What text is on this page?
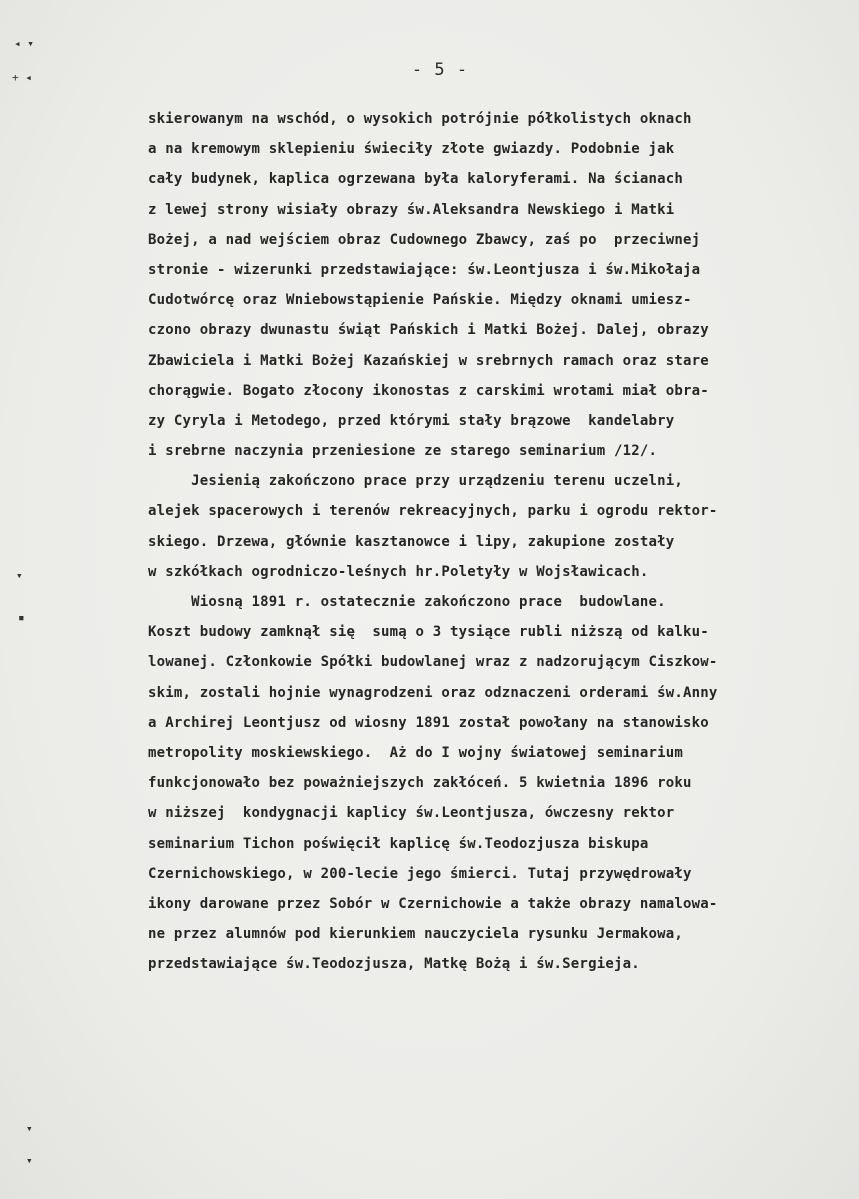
◂ ▾
+ ◂
▾
▪
▾
▾
- 5 -
skierowanym na wschód, o wysokich potrójnie półkolistych oknach
a na kremowym sklepieniu świeciły złote gwiazdy. Podobnie jak
cały budynek, kaplica ogrzewana była kaloryferami. Na ścianach
z lewej strony wisiały obrazy św.Aleksandra Newskiego i Matki
Bożej, a nad wejściem obraz Cudownego Zbawcy, zaś po  przeciwnej
stronie - wizerunki przedstawiające: św.Leontjusza i św.Mikołaja
Cudotwórcę oraz Wniebowstąpienie Pańskie. Między oknami umiesz-
czono obrazy dwunastu świąt Pańskich i Matki Bożej. Dalej, obrazy
Zbawiciela i Matki Bożej Kazańskiej w srebrnych ramach oraz stare
chorągwie. Bogato złocony ikonostas z carskimi wrotami miał obra-
zy Cyryla i Metodego, przed którymi stały brązowe  kandelabry
i srebrne naczynia przeniesione ze starego seminarium /12/.
Jesienią zakończono prace przy urządzeniu terenu uczelni,
alejek spacerowych i terenów rekreacyjnych, parku i ogrodu rektor-
skiego. Drzewa, głównie kasztanowce i lipy, zakupione zostały
w szkółkach ogrodniczo-leśnych hr.Poletyły w Wojsławicach.
Wiosną 1891 r. ostatecznie zakończono prace  budowlane.
Koszt budowy zamknął się  sumą o 3 tysiące rubli niższą od kalku-
lowanej. Członkowie Spółki budowlanej wraz z nadzorującym Ciszkow-
skim, zostali hojnie wynagrodzeni oraz odznaczeni orderami św.Anny
a Archirej Leontjusz od wiosny 1891 został powołany na stanowisko
metropolity moskiewskiego.  Aż do I wojny światowej seminarium
funkcjonowało bez poważniejszych zakłóceń. 5 kwietnia 1896 roku
w niższej  kondygnacji kaplicy św.Leontjusza, ówczesny rektor
seminarium Tichon poświęcił kaplicę św.Teodozjusza biskupa
Czernichowskiego, w 200-lecie jego śmierci. Tutaj przywędrowały
ikony darowane przez Sobór w Czernichowie a także obrazy namalowa-
ne przez alumnów pod kierunkiem nauczyciela rysunku Jermakowa,
przedstawiające św.Teodozjusza, Matkę Bożą i św.Sergieja.
